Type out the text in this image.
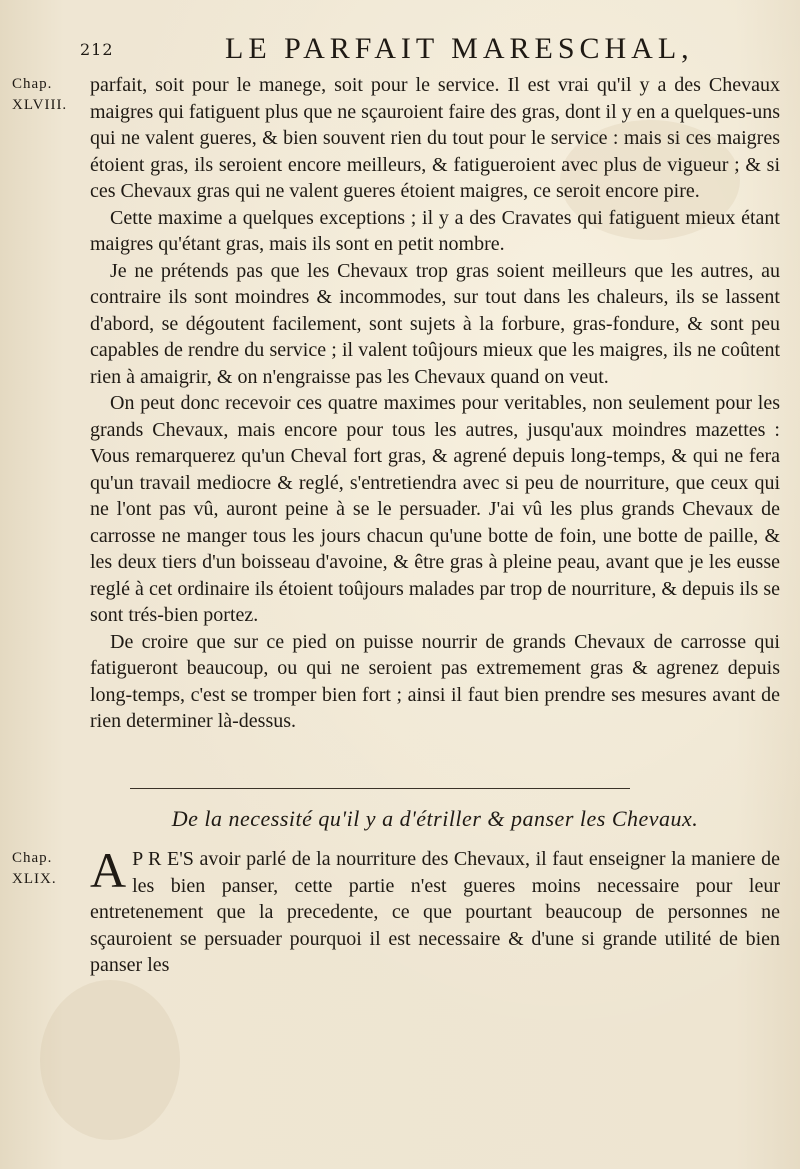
212	LE PARFAIT MARESCHAL,
Chap.
XLVIII.

parfait, soit pour le manege, soit pour le service. Il est vrai qu'il y a des Chevaux maigres qui fatiguent plus que ne sçauroient faire des gras, dont il y en a quelques-uns qui ne valent gueres, & bien souvent rien du tout pour le service : mais si ces maigres étoient gras, ils seroient encore meilleurs, & fatigueroient avec plus de vigueur ; & si ces Chevaux gras qui ne valent gueres étoient maigres, ce seroit encore pire.

Cette maxime a quelques exceptions ; il y a des Cravates qui fatiguent mieux étant maigres qu'étant gras, mais ils sont en petit nombre.

Je ne prétends pas que les Chevaux trop gras soient meilleurs que les autres, au contraire ils sont moindres & incommodes, sur tout dans les chaleurs, ils se lassent d'abord, se dégoutent facilement, sont sujets à la forbure, gras-fondure, & sont peu capables de rendre du service ; il valent toûjours mieux que les maigres, ils ne coûtent rien à amaigrir, & on n'engraisse pas les Chevaux quand on veut.

On peut donc recevoir ces quatre maximes pour veritables, non seulement pour les grands Chevaux, mais encore pour tous les autres, jusqu'aux moindres mazettes : Vous remarquerez qu'un Cheval fort gras, & agrené depuis long-temps, & qui ne fera qu'un travail mediocre & reglé, s'entretiendra avec si peu de nourriture, que ceux qui ne l'ont pas vû, auront peine à se le persuader. J'ai vû les plus grands Chevaux de carrosse ne manger tous les jours chacun qu'une botte de foin, une botte de paille, & les deux tiers d'un boisseau d'avoine, & être gras à pleine peau, avant que je les eusse reglé à cet ordinaire ils étoient toûjours malades par trop de nourriture, & depuis ils se sont trés-bien portez.

De croire que sur ce pied on puisse nourrir de grands Chevaux de carrosse qui fatigueront beaucoup, ou qui ne seroient pas extremement gras & agrenez depuis long-temps, c'est se tromper bien fort ; ainsi il faut bien prendre ses mesures avant de rien determiner là-dessus.

De la necessité qu'il y a d'étriller & panser les Chevaux.
Chap.
XLIX. A P R E'S avoir parlé de la nourriture des Chevaux, il faut enseigner la maniere de les bien panser, cette partie n'est gueres moins necessaire pour leur entretenement que la precedente, ce que pourtant beaucoup de personnes ne sçauroient se persuader pourquoi il est necessaire & d'une si grande utilité de bien panser les
